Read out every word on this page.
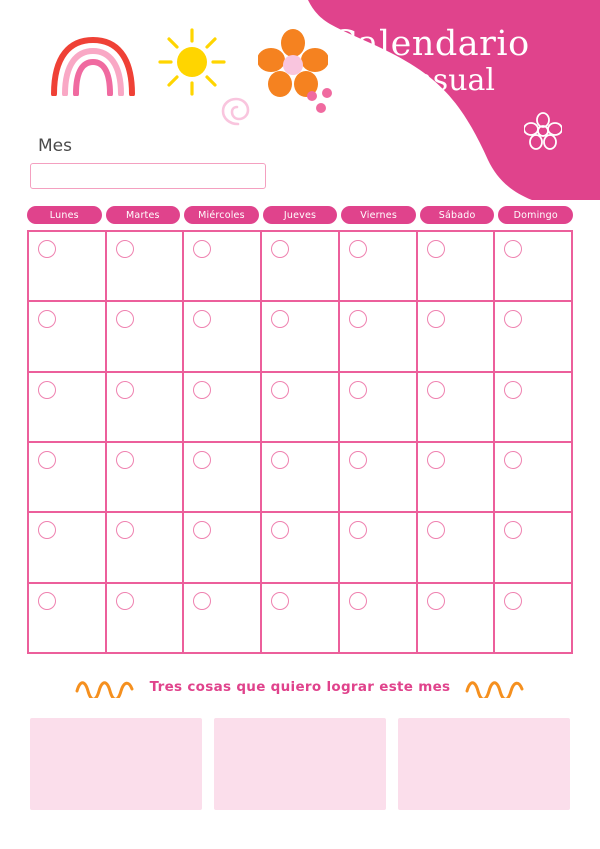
Calendario
Mensual
Mes
Lunes	Martes	Miércoles	Jueves	Viernes	Sábado	Domingo
Tres cosas que quiero lograr este mes
